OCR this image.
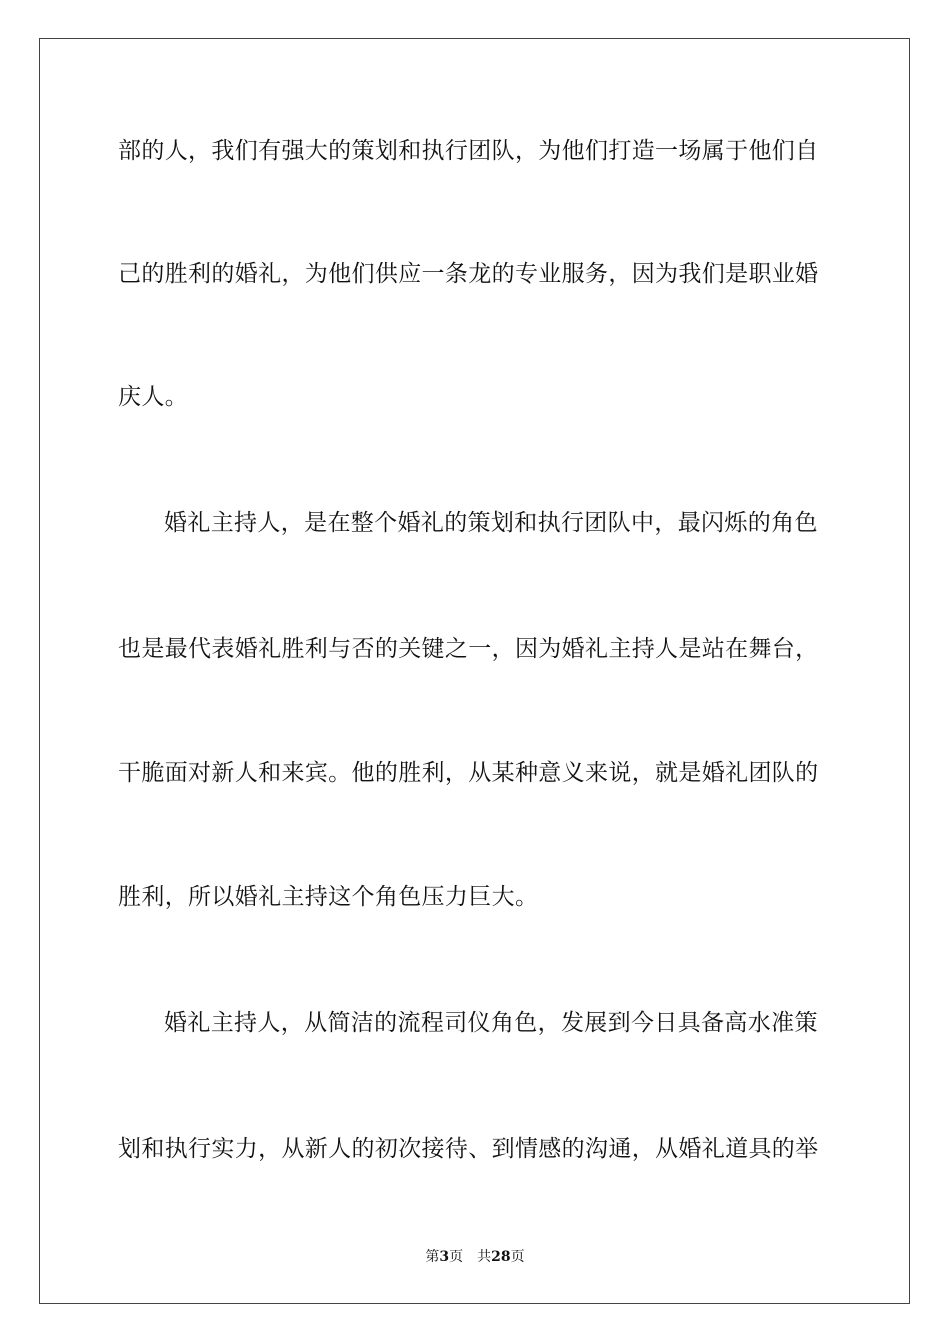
部的人，我们有强大的策划和执行团队，为他们打造一场属于他们自
己的胜利的婚礼，为他们供应一条龙的专业服务，因为我们是职业婚
庆人。
婚礼主持人，是在整个婚礼的策划和执行团队中，最闪烁的角色
也是最代表婚礼胜利与否的关键之一，因为婚礼主持人是站在舞台，
干脆面对新人和来宾。他的胜利，从某种意义来说，就是婚礼团队的
胜利，所以婚礼主持这个角色压力巨大。
婚礼主持人，从简洁的流程司仪角色，发展到今日具备高水准策
划和执行实力，从新人的初次接待、到情感的沟通，从婚礼道具的举
第3页 共28页
